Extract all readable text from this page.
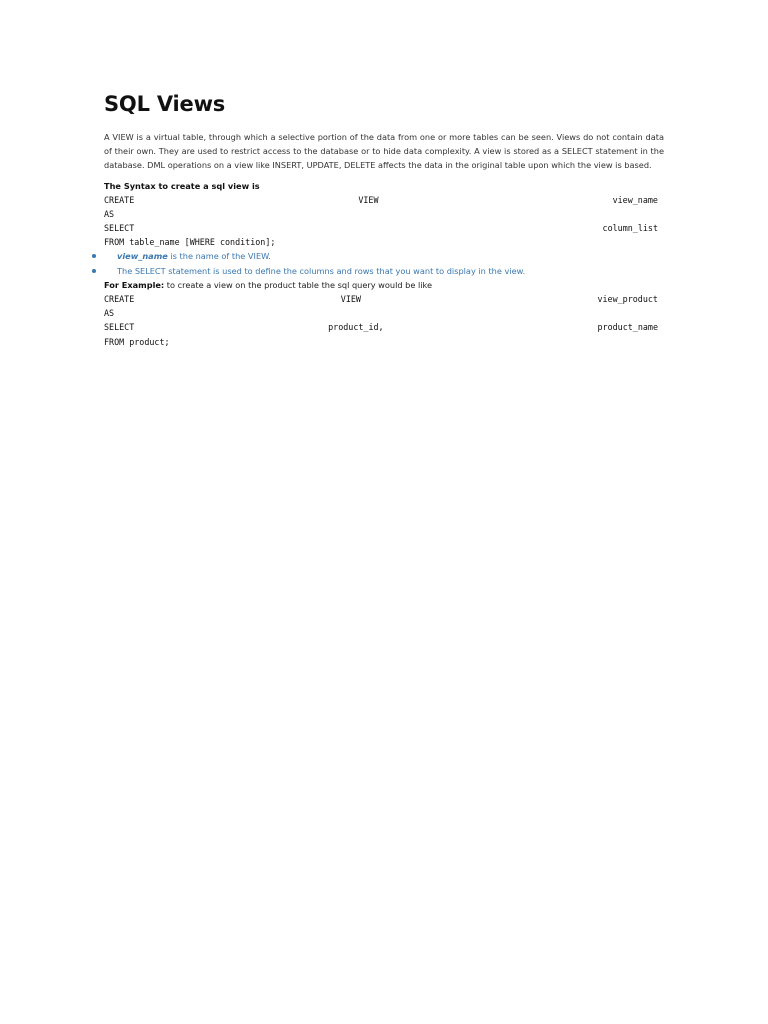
SQL Views

A VIEW is a virtual table, through which a selective portion of the data from one or more tables can be seen. Views do not contain data of their own. They are used to restrict access to the database or to hide data complexity. A view is stored as a SELECT statement in the database. DML operations on a view like INSERT, UPDATE, DELETE affects the data in the original table upon which the view is based.

The Syntax to create a sql view is

CREATE	VIEW	view_name
AS
SELECT	column_list
FROM table_name [WHERE condition];
view_name is the name of the VIEW.
The SELECT statement is used to define the columns and rows that you want to display in the view.
For Example: to create a view on the product table the sql query would be like
CREATE	VIEW	view_product
AS
SELECT	product_id,	product_name
FROM product;
